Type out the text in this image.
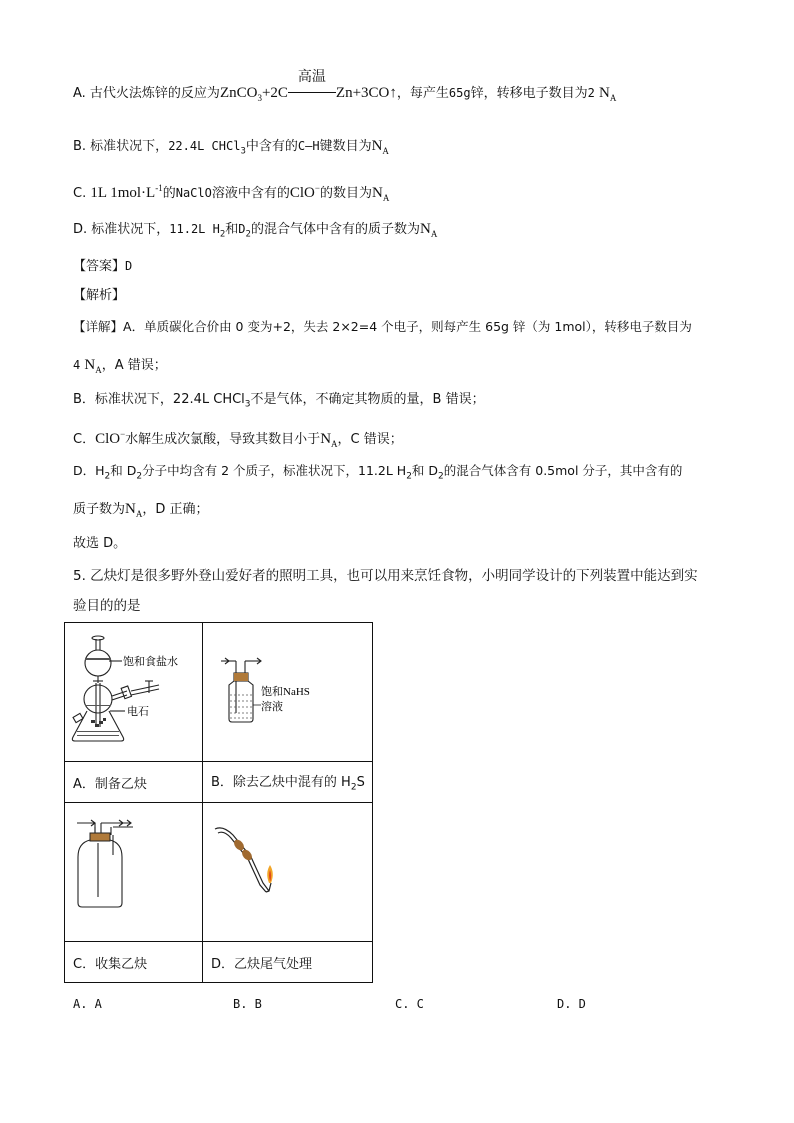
A. 古代火法炼锌的反应为ZnCO$_3$+2C
高温
Zn+3CO↑，每产生65g锌，转移电子数目为2 $N_A$
B. 标准状况下，22.4L CHCl$_3$中含有的C—H键数目为$N_A$
C. 1L $1mol\cdot L^{-1}$的NaClO溶液中含有的ClO−的数目为$N_A$
D. 标准状况下，11.2L $H_2$和$D_2$的混合气体中含有的质子数为$N_A$
【答案】D
【解析】
【详解】A．单质碳化合价由 0 变为+2，失去 2×2=4 个电子，则每产生 65g 锌（为 1mol），转移电子数目为
4 $N_A$，A 错误；
B．标准状况下，22.4L CHCl$_3$不是气体，不确定其物质的量，B 错误；
C．ClO−水解生成次氯酸，导致其数目小于$N_A$，C 错误；
D．$H_2$和 $D_2$分子中均含有 2 个质子，标准状况下，11.2L $H_2$和 $D_2$的混合气体含有 0.5mol 分子，其中含有的
质子数为$N_A$，D 正确；
故选 D。
5. 乙炔灯是很多野外登山爱好者的照明工具，也可以用来烹饪食物，小明同学设计的下列装置中能达到实
验目的的是
饱和食盐水
电石	饱和NaHS
溶液

A．制备乙炔	B．除去乙炔中混有的 $H_2S$

C．收集乙炔	D．乙炔尾气处理
A. A	B. B	C. C	D. D
